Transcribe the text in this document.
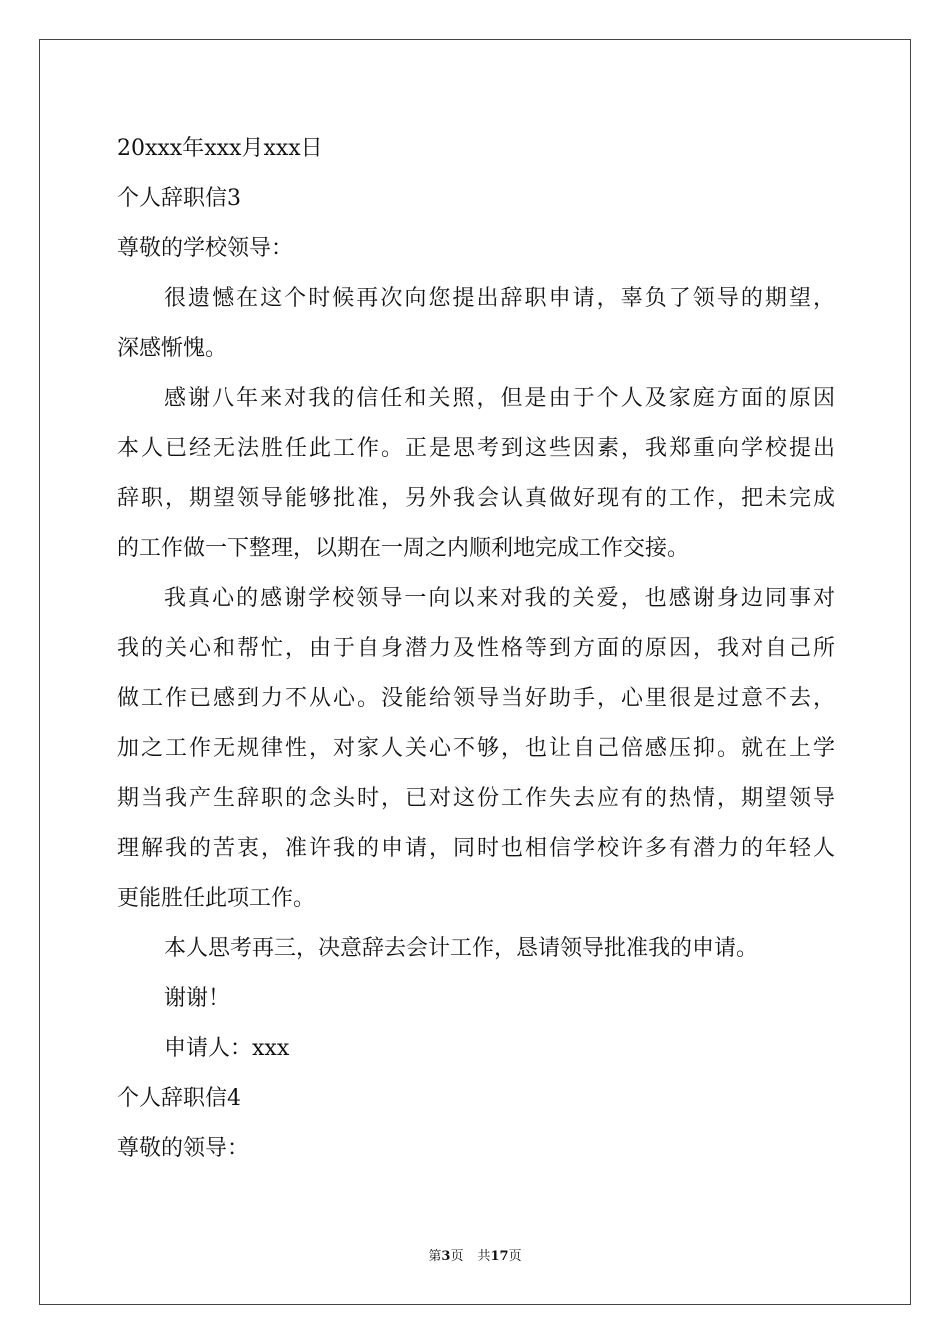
20xxx年xxx月xxx日
个人辞职信3
尊敬的学校领导：
很遗憾在这个时候再次向您提出辞职申请，辜负了领导的期望，
深感惭愧。
感谢八年来对我的信任和关照，但是由于个人及家庭方面的原因
本人已经无法胜任此工作。正是思考到这些因素，我郑重向学校提出
辞职，期望领导能够批准，另外我会认真做好现有的工作，把未完成
的工作做一下整理，以期在一周之内顺利地完成工作交接。
我真心的感谢学校领导一向以来对我的关爱，也感谢身边同事对
我的关心和帮忙，由于自身潜力及性格等到方面的原因，我对自己所
做工作已感到力不从心。没能给领导当好助手，心里很是过意不去，
加之工作无规律性，对家人关心不够，也让自己倍感压抑。就在上学
期当我产生辞职的念头时，已对这份工作失去应有的热情，期望领导
理解我的苦衷，准许我的申请，同时也相信学校许多有潜力的年轻人
更能胜任此项工作。
本人思考再三，决意辞去会计工作，恳请领导批准我的申请。
谢谢！
申请人：xxx
个人辞职信4
尊敬的领导：
第3页 共17页
